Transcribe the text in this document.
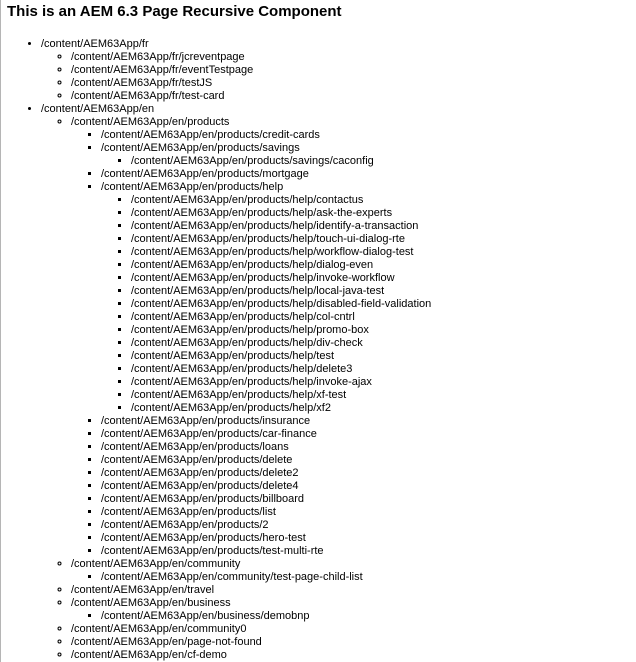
This is an AEM 6.3 Page Recursive Component
• /content/AEM63App/fr
◦ /content/AEM63App/fr/jcreventpage
◦ /content/AEM63App/fr/eventTestpage
◦ /content/AEM63App/fr/testJS
◦ /content/AEM63App/fr/test-card
• /content/AEM63App/en
◦ /content/AEM63App/en/products
▪ /content/AEM63App/en/products/credit-cards
▪ /content/AEM63App/en/products/savings
▪ /content/AEM63App/en/products/savings/caconfig
▪ /content/AEM63App/en/products/mortgage
▪ /content/AEM63App/en/products/help
▪ /content/AEM63App/en/products/help/contactus
▪ /content/AEM63App/en/products/help/ask-the-experts
▪ /content/AEM63App/en/products/help/identify-a-transaction
▪ /content/AEM63App/en/products/help/touch-ui-dialog-rte
▪ /content/AEM63App/en/products/help/workflow-dialog-test
▪ /content/AEM63App/en/products/help/dialog-even
▪ /content/AEM63App/en/products/help/invoke-workflow
▪ /content/AEM63App/en/products/help/local-java-test
▪ /content/AEM63App/en/products/help/disabled-field-validation
▪ /content/AEM63App/en/products/help/col-cntrl
▪ /content/AEM63App/en/products/help/promo-box
▪ /content/AEM63App/en/products/help/div-check
▪ /content/AEM63App/en/products/help/test
▪ /content/AEM63App/en/products/help/delete3
▪ /content/AEM63App/en/products/help/invoke-ajax
▪ /content/AEM63App/en/products/help/xf-test
▪ /content/AEM63App/en/products/help/xf2
▪ /content/AEM63App/en/products/insurance
▪ /content/AEM63App/en/products/car-finance
▪ /content/AEM63App/en/products/loans
▪ /content/AEM63App/en/products/delete
▪ /content/AEM63App/en/products/delete2
▪ /content/AEM63App/en/products/delete4
▪ /content/AEM63App/en/products/billboard
▪ /content/AEM63App/en/products/list
▪ /content/AEM63App/en/products/2
▪ /content/AEM63App/en/products/hero-test
▪ /content/AEM63App/en/products/test-multi-rte
◦ /content/AEM63App/en/community
▪ /content/AEM63App/en/community/test-page-child-list
◦ /content/AEM63App/en/travel
◦ /content/AEM63App/en/business
▪ /content/AEM63App/en/business/demobnp
◦ /content/AEM63App/en/community0
◦ /content/AEM63App/en/page-not-found
◦ /content/AEM63App/en/cf-demo
